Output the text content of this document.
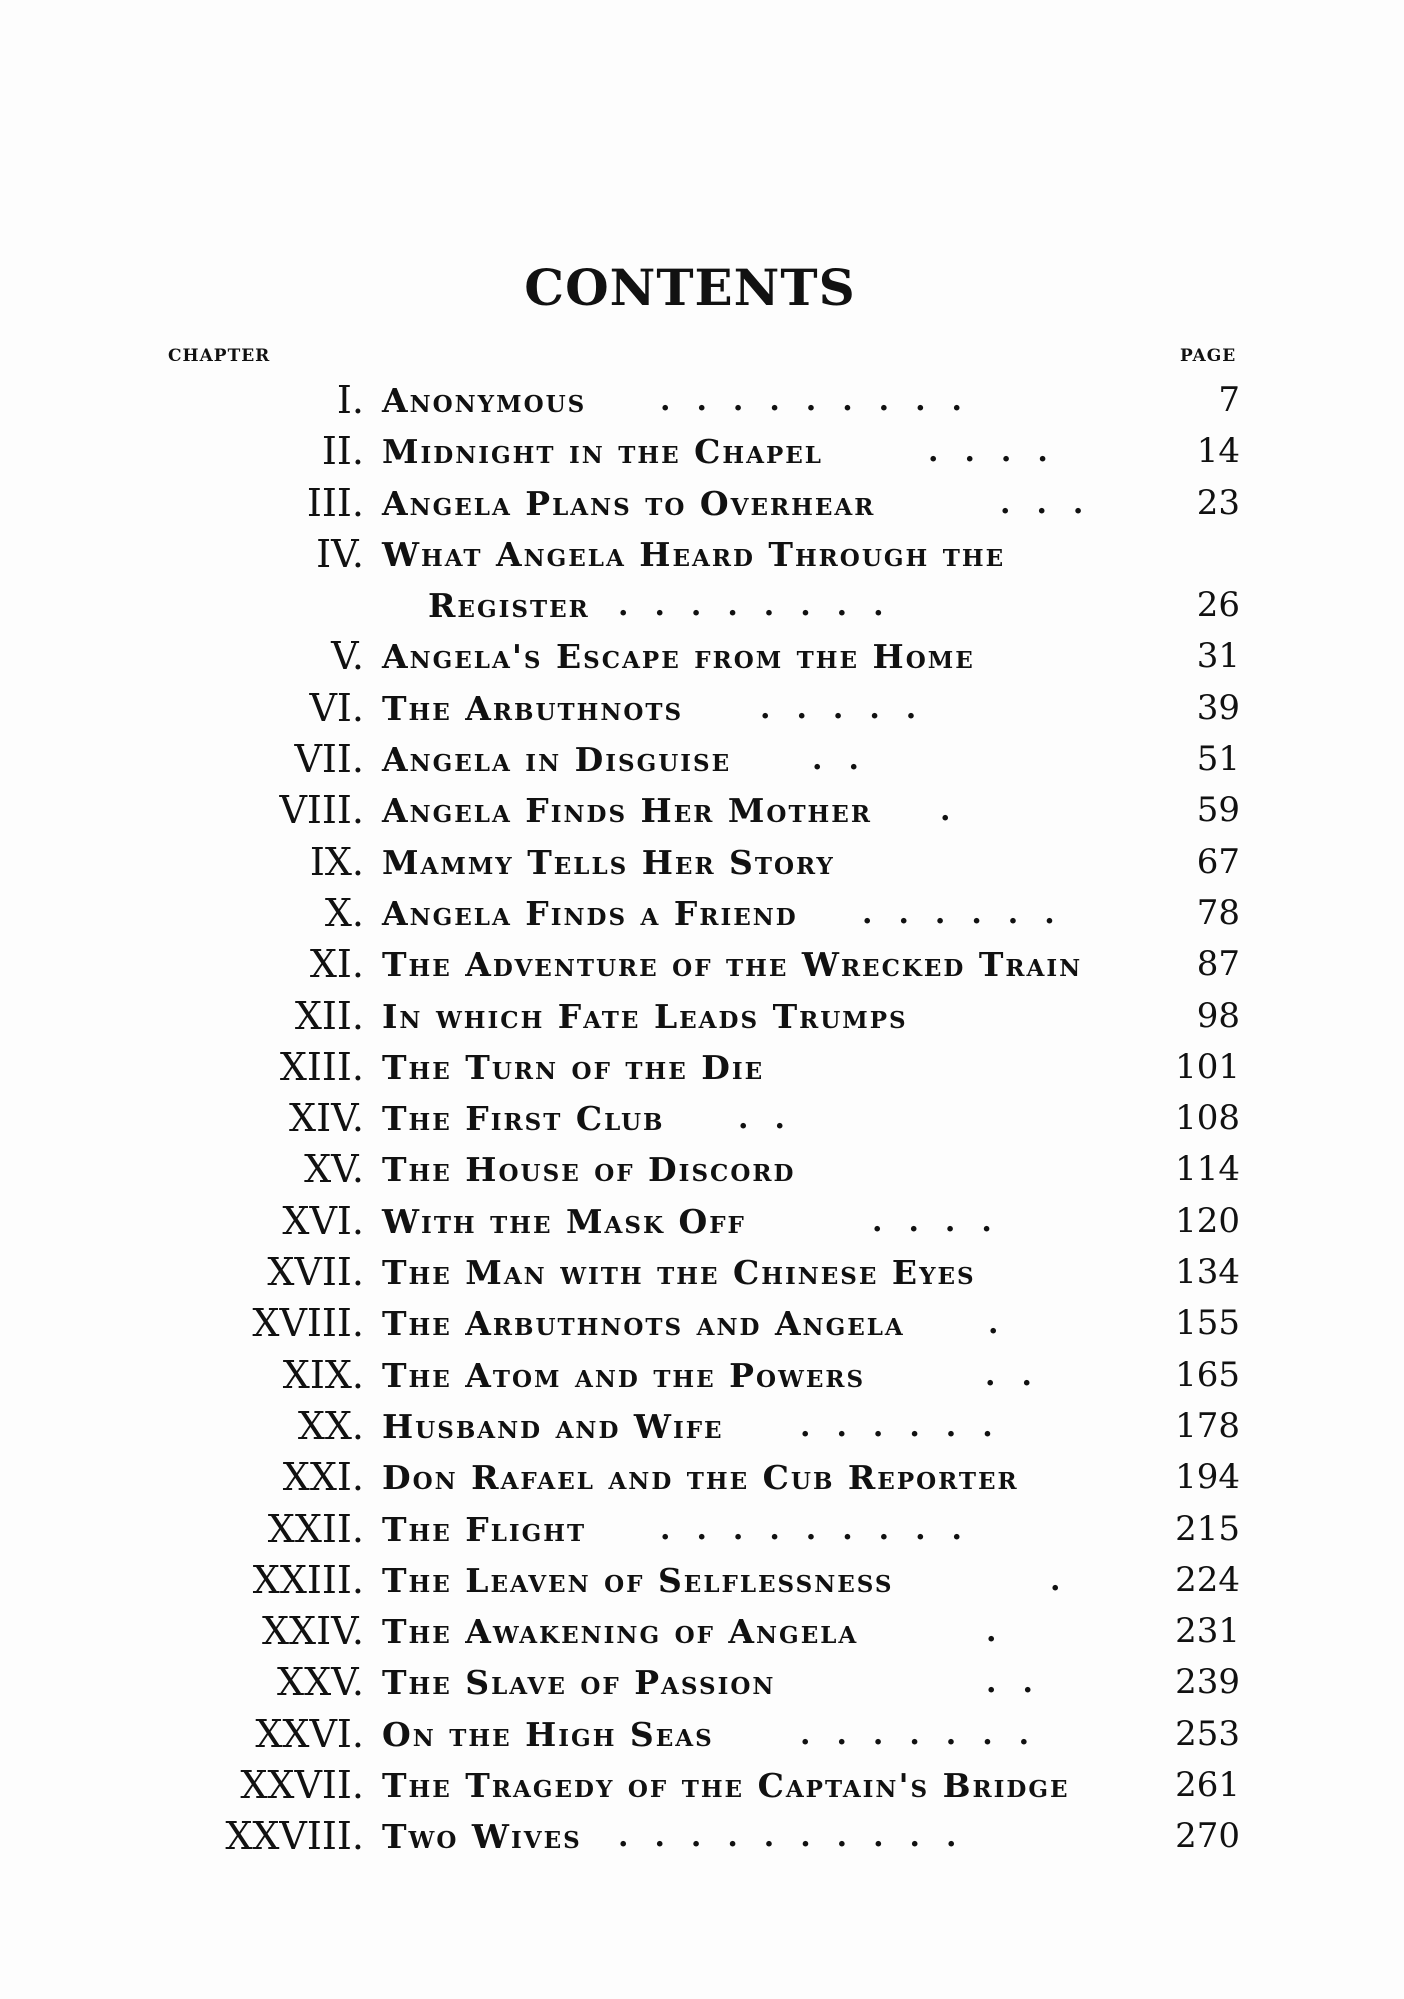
CONTENTS
CHAPTER	PAGE
I. Anonymous .........	7
II. Midnight in the Chapel	....	14
III. Angela Plans to Overhear	...	23
IV. What Angela Heard Through the
Register ........	26
V. Angela's Escape from the Home	31
VI. The Arbuthnots	.....	39
VII. Angela in Disguise	..	51
VIII. Angela Finds Her Mother .	59
IX. Mammy Tells Her Story	67
X. Angela Finds a Friend ......	78
XI. The Adventure of the Wrecked Train	87
XII. In which Fate Leads Trumps	98
XIII. The Turn of the Die	101
XIV. The First Club ..	108
XV. The House of Discord	114
XVI. With the Mask Off	....	120
XVII. The Man with the Chinese Eyes	134
XVIII. The Arbuthnots and Angela	.	155
XIX. The Atom and the Powers	..	165
XX. Husband and Wife	......	178
XXI. Don Rafael and the Cub Reporter	194
XXII. The Flight .........	215
XXIII. The Leaven of Selflessness	.	224
XXIV. The Awakening of Angela	.	231
XXV. The Slave of Passion	..	239
XXVI. On the High Seas	.......	253
XXVII. The Tragedy of the Captain's Bridge	261
XXVIII. Two Wives ..........	270
